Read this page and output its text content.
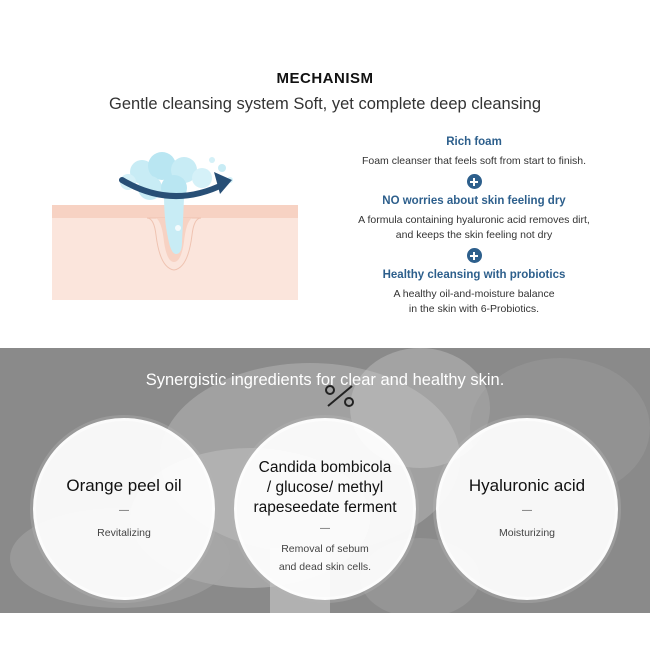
MECHANISM
Gentle cleansing system Soft, yet complete deep cleansing
Rich foam
Foam cleanser that feels soft from start to finish.
NO worries about skin feeling dry
A formula containing hyaluronic acid removes dirt,
and keeps the skin feeling not dry
Healthy cleansing with probiotics
A healthy oil-and-moisture balance
in the skin with 6-Probiotics.
Synergistic ingredients for clear and healthy skin.
Orange peel oil
—
Revitalizing
Candida bombicola
/ glucose/ methyl
rapeseedate ferment
—
Removal of sebum
and dead skin cells.
Hyaluronic acid
—
Moisturizing
